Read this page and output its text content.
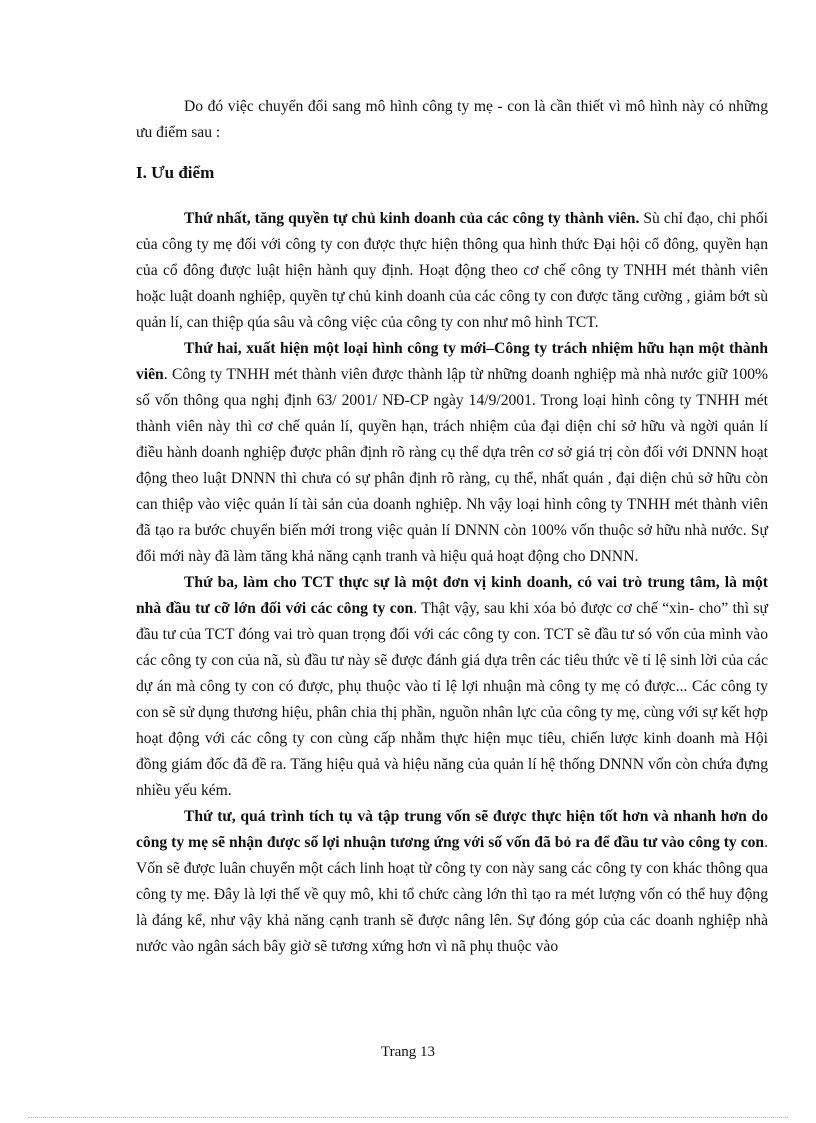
Do đó việc chuyển đổi sang mô hình công ty mẹ - con là cần thiết vì mô hình này có những ưu điểm sau :

I. Ưu điểm

Thứ nhất, tăng quyền tự chủ kinh doanh của các công ty thành viên. Sù chỉ đạo, chi phối của công ty mẹ đối với công ty con được thực hiện thông qua hình thức Đại hội cổ đông, quyền hạn của cổ đông được luật hiện hành quy định. Hoạt động theo cơ chế công ty TNHH mét thành viên hoặc luật doanh nghiệp, quyền tự chủ kinh doanh của các công ty con được tăng cường , giảm bớt sù quản lí, can thiệp qúa sâu và công việc của công ty con như mô hình TCT.

Thứ hai, xuất hiện một loại hình công ty mới–Công ty trách nhiệm hữu hạn một thành viên. Công ty TNHH mét thành viên được thành lập từ những doanh nghiệp mà nhà nước giữ 100% số vốn thông qua nghị định 63/ 2001/ NĐ-CP ngày 14/9/2001. Trong loại hình công ty TNHH mét thành viên này thì cơ chế quản lí, quyền hạn, trách nhiệm của đại diện chỉ sở hữu và ngời quản lí điều hành doanh nghiệp được phân định rõ ràng cụ thể dựa trên cơ sở giá trị còn đối với DNNN hoạt động theo luật DNNN thì chưa có sự phân định rõ ràng, cụ thể, nhất quán , đại diện chủ sở hữu còn can thiệp vào việc quản lí tài sản của doanh nghiệp. Nh vậy loại hình công ty TNHH mét thành viên đã tạo ra bước chuyển biến mới trong việc quản lí DNNN còn 100% vốn thuộc sở hữu nhà nước. Sự đổi mới này đã làm tăng khả năng cạnh tranh và hiệu quả hoạt động cho DNNN.

Thứ ba, làm cho TCT thực sự là một đơn vị kinh doanh, có vai trò trung tâm, là một nhà đầu tư cỡ lớn đối với các công ty con. Thật vậy, sau khi xóa bỏ được cơ chế “xin- cho” thì sự đầu tư của TCT đóng vai trò quan trọng đối với các công ty con. TCT sẽ đầu tư só vốn của mình vào các công ty con của nã, sù đầu tư này sẽ được đánh giá dựa trên các tiêu thức về tỉ lệ sinh lời của các dự án mà công ty con có được, phụ thuộc vào tỉ lệ lợi nhuận mà công ty mẹ có được... Các công ty con sẽ sử dụng thương hiệu, phân chia thị phần, nguồn nhân lực của công ty mẹ, cùng với sự kết hợp hoạt động với các công ty con cùng cấp nhằm thực hiện mục tiêu, chiến lược kinh doanh mà Hội đồng giám đốc đã đề ra. Tăng hiệu quả và hiệu năng của quản lí hệ thống DNNN vốn còn chứa đựng nhiều yếu kém.

Thứ tư, quá trình tích tụ và tập trung vốn sẽ được thực hiện tốt hơn và nhanh hơn do công ty mẹ sẽ nhận được số lợi nhuận tương ứng với số vốn đã bỏ ra để đầu tư vào công ty con. Vốn sẽ được luân chuyển một cách linh hoạt từ công ty con này sang các công ty con khác thông qua công ty mẹ. Đây là lợi thế về quy mô, khi tổ chức càng lớn thì tạo ra mét lượng vốn có thể huy động là đáng kể, như vậy khả năng cạnh tranh sẽ được nâng lên. Sự đóng góp của các doanh nghiệp nhà nước vào ngân sách bây giờ sẽ tương xứng hơn vì nã phụ thuộc vào

Trang 13
